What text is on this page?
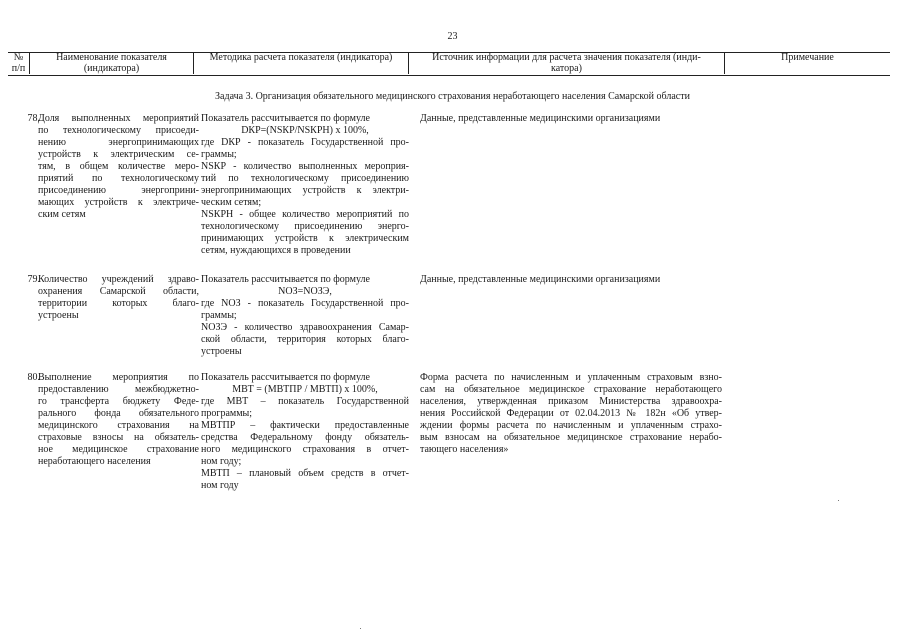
23
№
п/п
Наименование показателя
(индикатора)
Методика расчета показателя (индикатора)	Источник информации для расчета значения показателя (инди-
катора)
Примечание
Задача 3. Организация обязательного медицинского страхования неработающего населения Самарской области
78.
Доля выполненных мероприятий
по технологическому присоеди-
нению энергопринимающих
устройств к электрическим се-
тям, в общем количестве меро-
приятий по технологическому
присоединению энергоприни-
мающих устройств к электриче-
ским сетям
Показатель рассчитывается по формуле
DКР=(NSКР/NSКРН) x 100%,
где DКР - показатель Государственной про-
граммы;
NSКР - количество выполненных мероприя-
тий по технологическому присоединению
энергопринимающих устройств к электри-
ческим сетям;
NSКРН - общее количество мероприятий по
технологическому присоединению энерго-
принимающих устройств к электрическим
сетям, нуждающихся в проведении
Данные, представленные медицинскими организациями
79.
Количество учреждений здраво-
охранения Самарской области,
территории которых благо-
устроены
Показатель рассчитывается по формуле
NОЗ=NОЗЭ,
где NОЗ - показатель Государственной про-
граммы;
NОЗЭ - количество здравоохранения Самар-
ской области, территория которых благо-
устроены
Данные, представленные медицинскими организациями
80.
Выполнение мероприятия по
предоставлению межбюджетно-
го трансферта бюджету Феде-
рального фонда обязательного
медицинского страхования на
страховые взносы на обязатель-
ное медицинское страхование
неработающего населения
Показатель рассчитывается по формуле
МВТ = (МВТПР / МВТП) x 100%,
где МВТ – показатель Государственной
программы;
МВТПР – фактически предоставленные
средства Федеральному фонду обязатель-
ного медицинского страхования в отчет-
ном году;
МВТП – плановый объем средств в отчет-
ном году
Форма расчета по начисленным и уплаченным страховым взно-
сам на обязательное медицинское страхование неработающего
населения, утвержденная приказом Министерства здравоохра-
нения Российской Федерации от 02.04.2013 № 182н «Об утвер-
ждении формы расчета по начисленным и уплаченным страхо-
вым взносам на обязательное медицинское страхование нерабо-
тающего населения»
